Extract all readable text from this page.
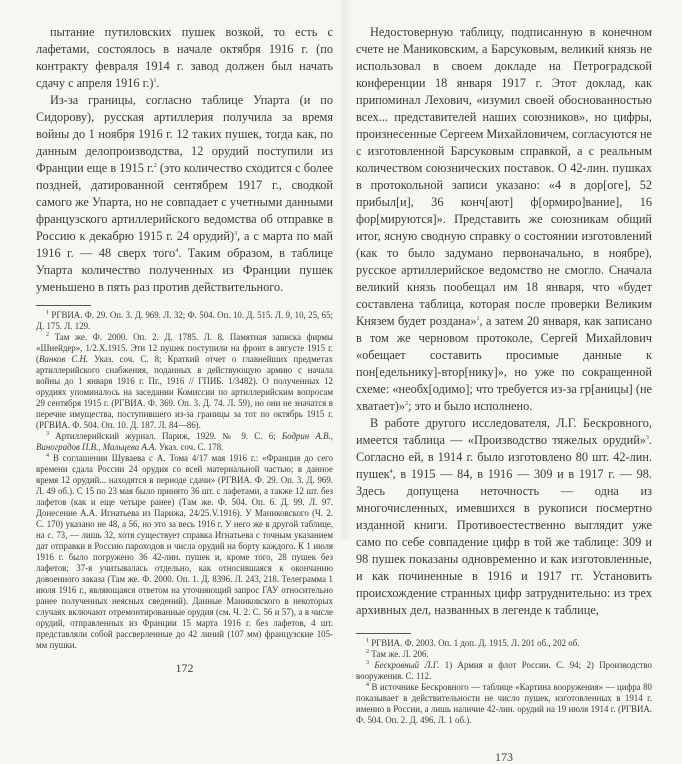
пытание путиловских пушек возкой, то есть с лафетами, состоялось в начале октября 1916 г. (по контракту февраля 1914 г. завод должен был начать сдачу с апреля 1916 г.)$^1$.

Из-за границы, согласно таблице Упарта (и по Сидорову), русская артиллерия получила за время войны до 1 ноября 1916 г. 12 таких пушек, тогда как, по данным делопроизводства, 12 орудий поступили из Франции еще в 1915 г.$^2$ (это количество сходится с более поздней, датированной сентябрем 1917 г., сводкой самого же Упарта, но не совпадает с учетными данными французского артиллерийского ведомства об отправке в Россию к декабрю 1915 г. 24 орудий)$^3$, а с марта по май 1916 г. — 48 сверх того$^4$. Таким образом, в таблице Упарта количество полученных из Франции пушек уменьшено в пять раз против действительного.

$^1$ РГВИА. Ф. 29. Оп. 3. Д. 969. Л. 32; Ф. 504. Оп. 10. Д. 515. Л. 9, 10, 25, 65; Д. 175. Л. 129.

$^2$ Там же. Ф. 2000. Оп. 2. Д. 1785. Л. 8. Памятная записка фирмы «Шнейдер», 1/2.X.1915. Эти 12 пушек поступили на фронт в августе 1915 г. (Ванков С.Н. Указ. соч. С. 8; Краткий отчет о главнейших предметах артиллерийского снабжения, поданных в действующую армию с начала войны до 1 января 1916 г. Пг., 1916 // ГПИБ. 1/3482). О полученных 12 орудиях упоминалось на заседании Комиссии по артиллерийским вопросам 29 сентября 1915 г. (РГВИА. Ф. 369. Оп. 3. Д. 74. Л. 59), но они не значатся в перечне имущества, поступившего из-за границы за тот по октябрь 1915 г. (РГВИА. Ф. 504. Оп. 10. Д. 187. Л. 84—86).

$^3$ Артиллерийский журнал. Париж, 1929. № 9. С. 6; Бодрин А.В., Виноградов П.В., Мальцева А.А. Указ. соч. С. 178.

$^4$ В соглашении Шуваева с А. Тома 4/17 мая 1916 г.: «Франция до сего времени сдала России 24 орудия со всей материальной частью; в данное время 12 орудий... находятся в периоде сдачи» (РГВИА. Ф. 29. Оп. 3. Д. 969. Л. 49 об.). С 15 по 23 мая было принято 36 шт. с лафетами, а также 12 шт. без лафетов (как и еще четыре ранее) (Там же. Ф. 504. Оп. 6. Д. 99. Л. 97. Донесение А.А. Игнатьева из Парижа, 24/25.V.1916). У Маниковского (Ч. 2. С. 170) указано не 48, а 56, но это за весь 1916 г. У него же в другой таблице, на с. 73, — лишь 32, хотя существует справка Игнатьева с точным указанием дат отправки в Россию пароходов и числа орудий на борту каждого. К 1 июля 1916 г. было погружено 36 42-лин. пушек и, кроме того, 28 пушек без лафетов; 37-я учитывалась отдельно, как относившаяся к окончанию довоенного заказа (Там же. Ф. 2000. Оп. 1. Д. 8396. Л. 243, 218. Телеграмма 1 июля 1916 г., являющаяся ответом на уточняющий запрос ГАУ относительно ранее полученных неясных сведений). Данные Маниковского в некоторых случаях включают отремонтированные орудия (см. Ч. 2. С. 56 и 57), а в числе орудий, отправленных из Франции 15 марта 1916 г. без лафетов, 4 шт. представляли собой рассверленные до 42 линий (107 мм) французские 105-мм пушки.

172

Недостоверную таблицу, подписанную в конечном счете не Маниковским, а Барсуковым, великий князь не использовал в своем докладе на Петроградской конференции 18 января 1917 г. Этот доклад, как припоминал Лехович, «изумил своей обоснованностью всех... представителей наших союзников», но цифры, произнесенные Сергеем Михайловичем, согласуются не с изготовленной Барсуковым справкой, а с реальным количеством союзнических поставок. О 42-лин. пушках в протокольной записи указано: «4 в дор[оге], 52 прибыл[и], 36 конч[ают] ф[ормиро]вание], 16 фор[мируются]». Представить же союзникам общий итог, ясную сводную справку о состоянии изготовлений (как то было задумано первоначально, в ноябре), русское артиллерийское ведомство не смогло. Сначала великий князь пообещал им 18 января, что «будет составлена таблица, которая после проверки Великим Князем будет роздана»$^1$, а затем 20 января, как записано в том же черновом протоколе, Сергей Михайлович «обещает составить просимые данные к пон[едельнику]-втор[нику]», но уже по сокращенной схеме: «необх[одимо]; что требуется из-за гр[аницы] (не хватает)»$^2$; это и было исполнено.

В работе другого исследователя, Л.Г. Бескровного, имеется таблица — «Производство тяжелых орудий»$^3$. Согласно ей, в 1914 г. было изготовлено 80 шт. 42-лин. пушек$^4$, в 1915 — 84, в 1916 — 309 и в 1917 г. — 98. Здесь допущена неточность — одна из многочисленных, имевшихся в рукописи посмертно изданной книги. Противоестественно выглядит уже само по себе совпадение цифр в той же таблице: 309 и 98 пушек показаны одновременно и как изготовленные, и как починенные в 1916 и 1917 гг. Установить происхождение странных цифр затруднительно: из трех архивных дел, названных в легенде к таблице,

$^1$ РГВИА. Ф. 2003. Оп. 1 доп. Д. 1915. Л. 201 об., 202 об.

$^2$ Там же. Л. 206.

$^3$ Бескровный Л.Г. 1) Армия и флот России. С. 94; 2) Производство вооружения. С. 112.

$^4$ В источнике Бескровного — таблице «Картина вооружения» — цифра 80 показывает в действительности не число пушек, изготовленных в 1914 г. именно в России, а лишь наличие 42-лин. орудий на 19 июля 1914 г. (РГВИА. Ф. 504. Оп. 2. Д. 496. Л. 1 об.).

173
